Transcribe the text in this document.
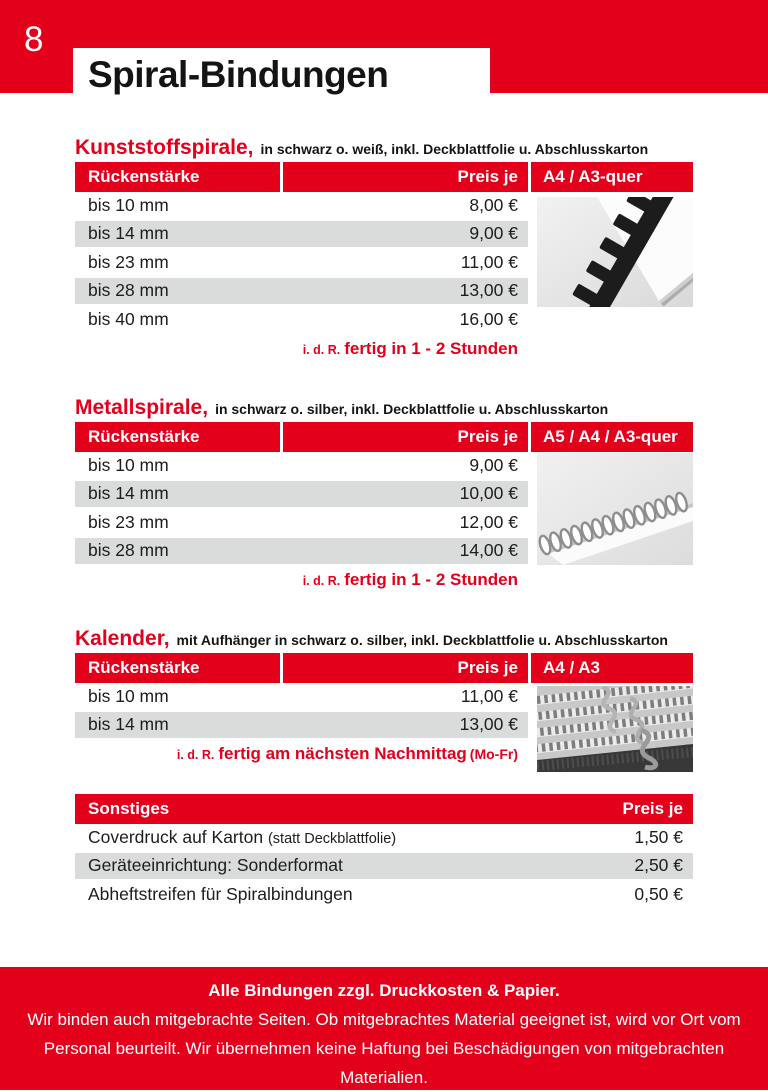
8
Spiral-Bindungen
Kunststoffspirale, in schwarz o. weiß, inkl. Deckblattfolie u. Abschlusskarton
Rückenstärke	Preis je	A4 / A3-quer
bis 10 mm	8,00 €
bis 14 mm	9,00 €
bis 23 mm	11,00 €
bis 28 mm	13,00 €
bis 40 mm	16,00 €
i. d. R. fertig in 1 - 2 Stunden
Metallspirale, in schwarz o. silber, inkl. Deckblattfolie u. Abschlusskarton
Rückenstärke	Preis je	A5 / A4 / A3-quer
bis 10 mm	9,00 €
bis 14 mm	10,00 €
bis 23 mm	12,00 €
bis 28 mm	14,00 €
i. d. R. fertig in 1 - 2 Stunden
Kalender, mit Aufhänger in schwarz o. silber, inkl. Deckblattfolie u. Abschlusskarton
Rückenstärke	Preis je	A4 / A3
bis 10 mm	11,00 €
bis 14 mm	13,00 €
i. d. R. fertig am nächsten Nachmittag (Mo-Fr)
Sonstiges	Preis je
Coverdruck auf Karton (statt Deckblattfolie)	1,50 €
Geräteeinrichtung: Sonderformat	2,50 €
Abheftstreifen für Spiralbindungen	0,50 €

Alle Bindungen zzgl. Druckkosten & Papier.

Wir binden auch mitgebrachte Seiten. Ob mitgebrachtes Material geeignet ist, wird vor Ort vom Personal beurteilt. Wir übernehmen keine Haftung bei Beschädigungen von mitgebrachten Materialien.
